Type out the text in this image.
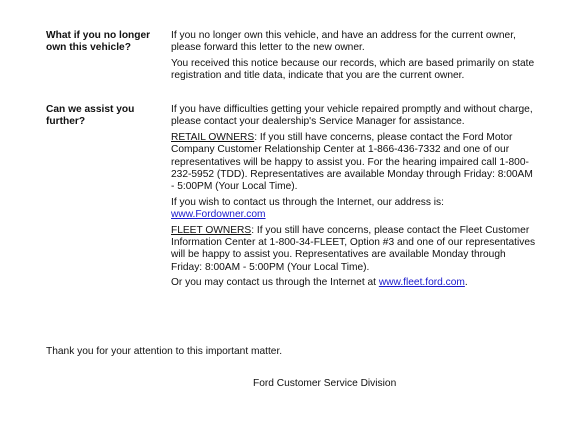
What if you no longer own this vehicle?

If you no longer own this vehicle, and have an address for the current owner, please forward this letter to the new owner.

You received this notice because our records, which are based primarily on state registration and title data, indicate that you are the current owner.

Can we assist you further?

If you have difficulties getting your vehicle repaired promptly and without charge, please contact your dealership's Service Manager for assistance.

RETAIL OWNERS: If you still have concerns, please contact the Ford Motor Company Customer Relationship Center at 1-866-436-7332 and one of our representatives will be happy to assist you. For the hearing impaired call 1-800-232-5952 (TDD). Representatives are available Monday through Friday: 8:00AM - 5:00PM (Your Local Time).

If you wish to contact us through the Internet, our address is:
www.Fordowner.com

FLEET OWNERS: If you still have concerns, please contact the Fleet Customer Information Center at 1-800-34-FLEET, Option #3 and one of our representatives will be happy to assist you. Representatives are available Monday through Friday: 8:00AM - 5:00PM (Your Local Time).

Or you may contact us through the Internet at www.fleet.ford.com.

Thank you for your attention to this important matter.
Ford Customer Service Division
